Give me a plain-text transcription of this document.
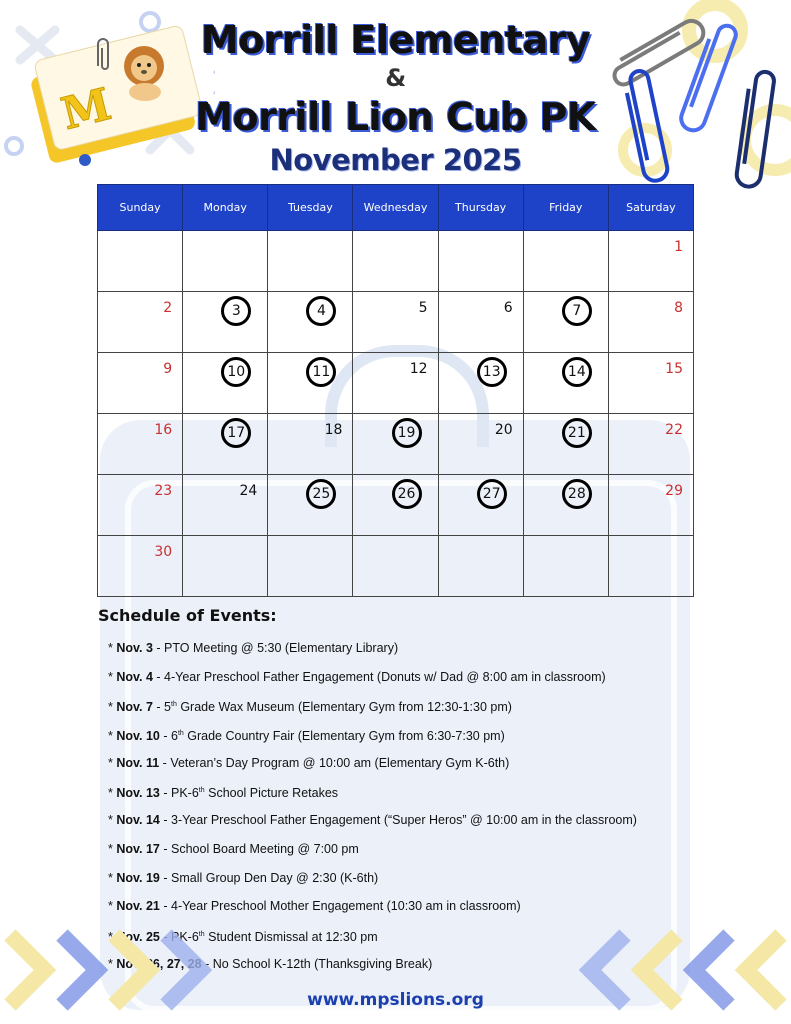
M
Morrill Elementary
&
Morrill Lion Cub PK
November 2025
Sunday	Monday	Tuesday	Wednesday	Thursday	Friday	Saturday
						1
2	3	4	5	6	7	8
9	10	11	12	13	14	15
16	17	18	19	20	21	22
23	24	25	26	27	28	29
30						
Schedule of Events:
* Nov. 3 - PTO Meeting @ 5:30 (Elementary Library)
* Nov. 4 - 4-Year Preschool Father Engagement (Donuts w/ Dad @ 8:00 am in classroom)
* Nov. 7 - 5th Grade Wax Museum (Elementary Gym from 12:30-1:30 pm)
* Nov. 10 - 6th Grade Country Fair (Elementary Gym from 6:30-7:30 pm)
* Nov. 11 - Veteran’s Day Program @ 10:00 am (Elementary Gym K-6th)
* Nov. 13 - PK-6th School Picture Retakes
* Nov. 14 - 3-Year Preschool Father Engagement (“Super Heros” @ 10:00 am in the classroom)
* Nov. 17 - School Board Meeting @ 7:00 pm
* Nov. 19 - Small Group Den Day @ 2:30 (K-6th)
* Nov. 21 - 4-Year Preschool Mother Engagement (10:30 am in classroom)
* Nov. 25 - PK-6th Student Dismissal at 12:30 pm
* Nov. 26, 27, 28 - No School K-12th (Thanksgiving Break)
www.mpslions.org
